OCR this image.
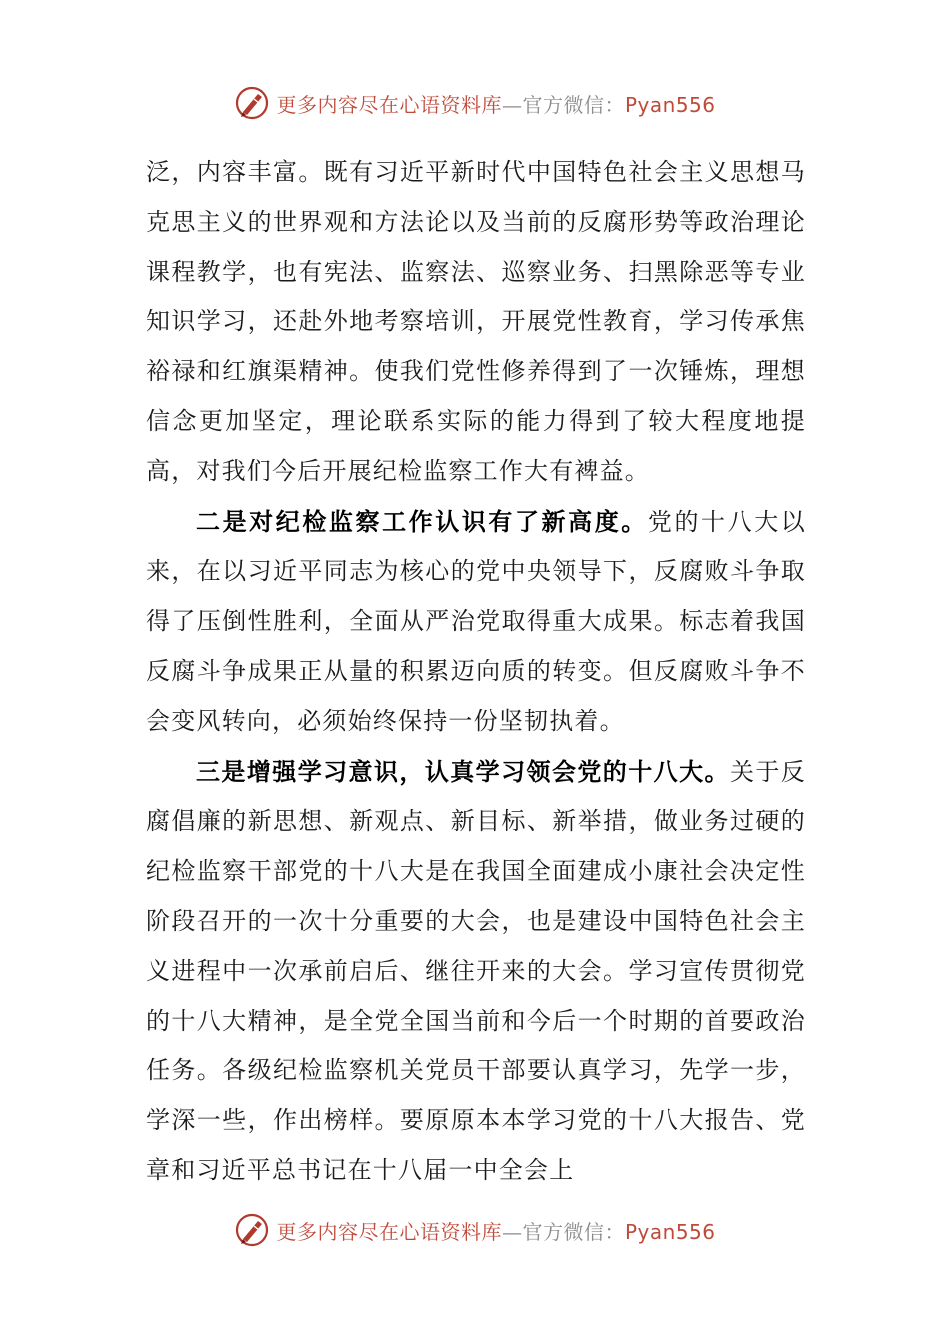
更多内容尽在心语资料库—官方微信：Pyan556

泛，内容丰富。既有习近平新时代中国特色社会主义思想马克思主义的世界观和方法论以及当前的反腐形势等政治理论课程教学，也有宪法、监察法、巡察业务、扫黑除恶等专业知识学习，还赴外地考察培训，开展党性教育，学习传承焦裕禄和红旗渠精神。使我们党性修养得到了一次锤炼，理想信念更加坚定，理论联系实际的能力得到了较大程度地提高，对我们今后开展纪检监察工作大有裨益。

二是对纪检监察工作认识有了新高度。党的十八大以来，在以习近平同志为核心的党中央领导下，反腐败斗争取得了压倒性胜利，全面从严治党取得重大成果。标志着我国反腐斗争成果正从量的积累迈向质的转变。但反腐败斗争不会变风转向，必须始终保持一份坚韧执着。

三是增强学习意识，认真学习领会党的十八大。关于反腐倡廉的新思想、新观点、新目标、新举措，做业务过硬的纪检监察干部党的十八大是在我国全面建成小康社会决定性阶段召开的一次十分重要的大会，也是建设中国特色社会主义进程中一次承前启后、继往开来的大会。学习宣传贯彻党的十八大精神，是全党全国当前和今后一个时期的首要政治任务。各级纪检监察机关党员干部要认真学习，先学一步，学深一些，作出榜样。要原原本本学习党的十八大报告、党章和习近平总书记在十八届一中全会上

更多内容尽在心语资料库—官方微信：Pyan556
